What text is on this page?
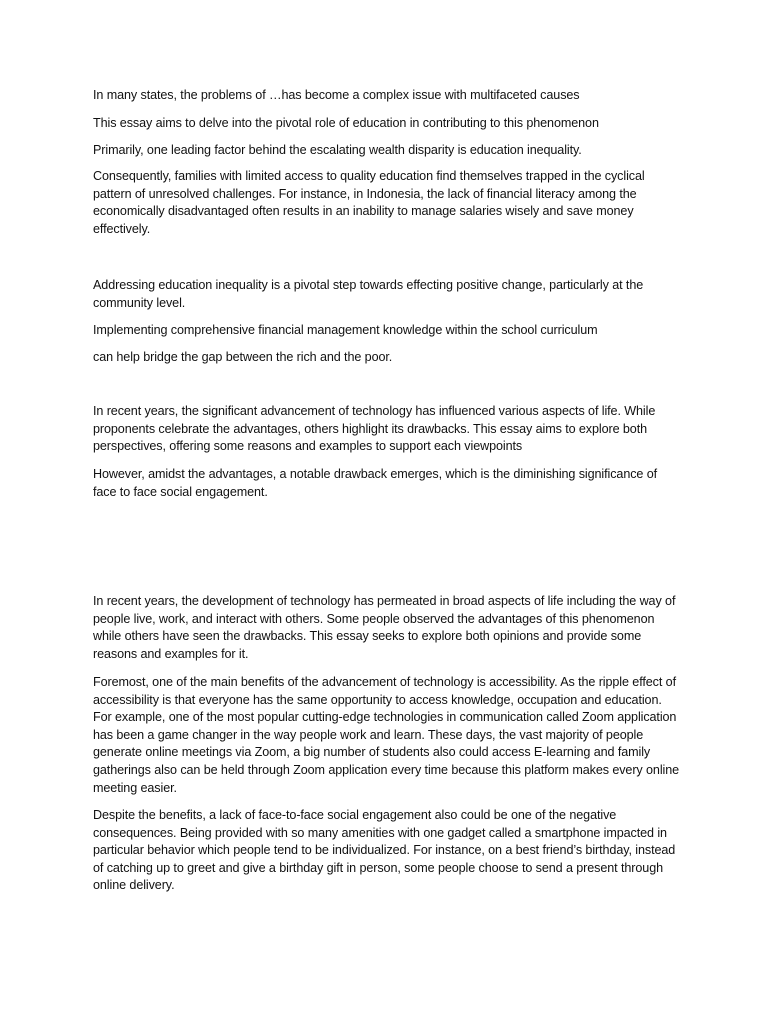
In many states, the problems of …has become a complex issue with multifaceted causes

This essay aims to delve into the pivotal role of education in contributing to this phenomenon

Primarily, one leading factor behind the escalating wealth disparity is education inequality.

Consequently, families with limited access to quality education find themselves trapped in the cyclical pattern of unresolved challenges. For instance, in Indonesia, the lack of financial literacy among the economically disadvantaged often results in an inability to manage salaries wisely and save money effectively.

Addressing education inequality is a pivotal step towards effecting positive change, particularly at the community level.

Implementing comprehensive financial management knowledge within the school curriculum

can help bridge the gap between the rich and the poor.

In recent years, the significant advancement of technology has influenced various aspects of life. While proponents celebrate the advantages, others highlight its drawbacks. This essay aims to explore both perspectives, offering some reasons and examples to support each viewpoints

However, amidst the advantages, a notable drawback emerges, which is the diminishing significance of face to face social engagement.

In recent years, the development of technology has permeated in broad aspects of life including the way of people live, work, and interact with others. Some people observed the advantages of this phenomenon while others have seen the drawbacks. This essay seeks to explore both opinions and provide some reasons and examples for it.

Foremost, one of the main benefits of the advancement of technology is accessibility. As the ripple effect of accessibility is that everyone has the same opportunity to access knowledge, occupation and education. For example, one of the most popular cutting-edge technologies in communication called Zoom application has been a game changer in the way people work and learn. These days, the vast majority of people generate online meetings via Zoom, a big number of students also could access E-learning and family gatherings also can be held through Zoom application every time because this platform makes every online meeting easier.

Despite the benefits, a lack of face-to-face social engagement also could be one of the negative consequences. Being provided with so many amenities with one gadget called a smartphone impacted in particular behavior which people tend to be individualized. For instance, on a best friend’s birthday, instead of catching up to greet and give a birthday gift in person, some people choose to send a present through online delivery.
